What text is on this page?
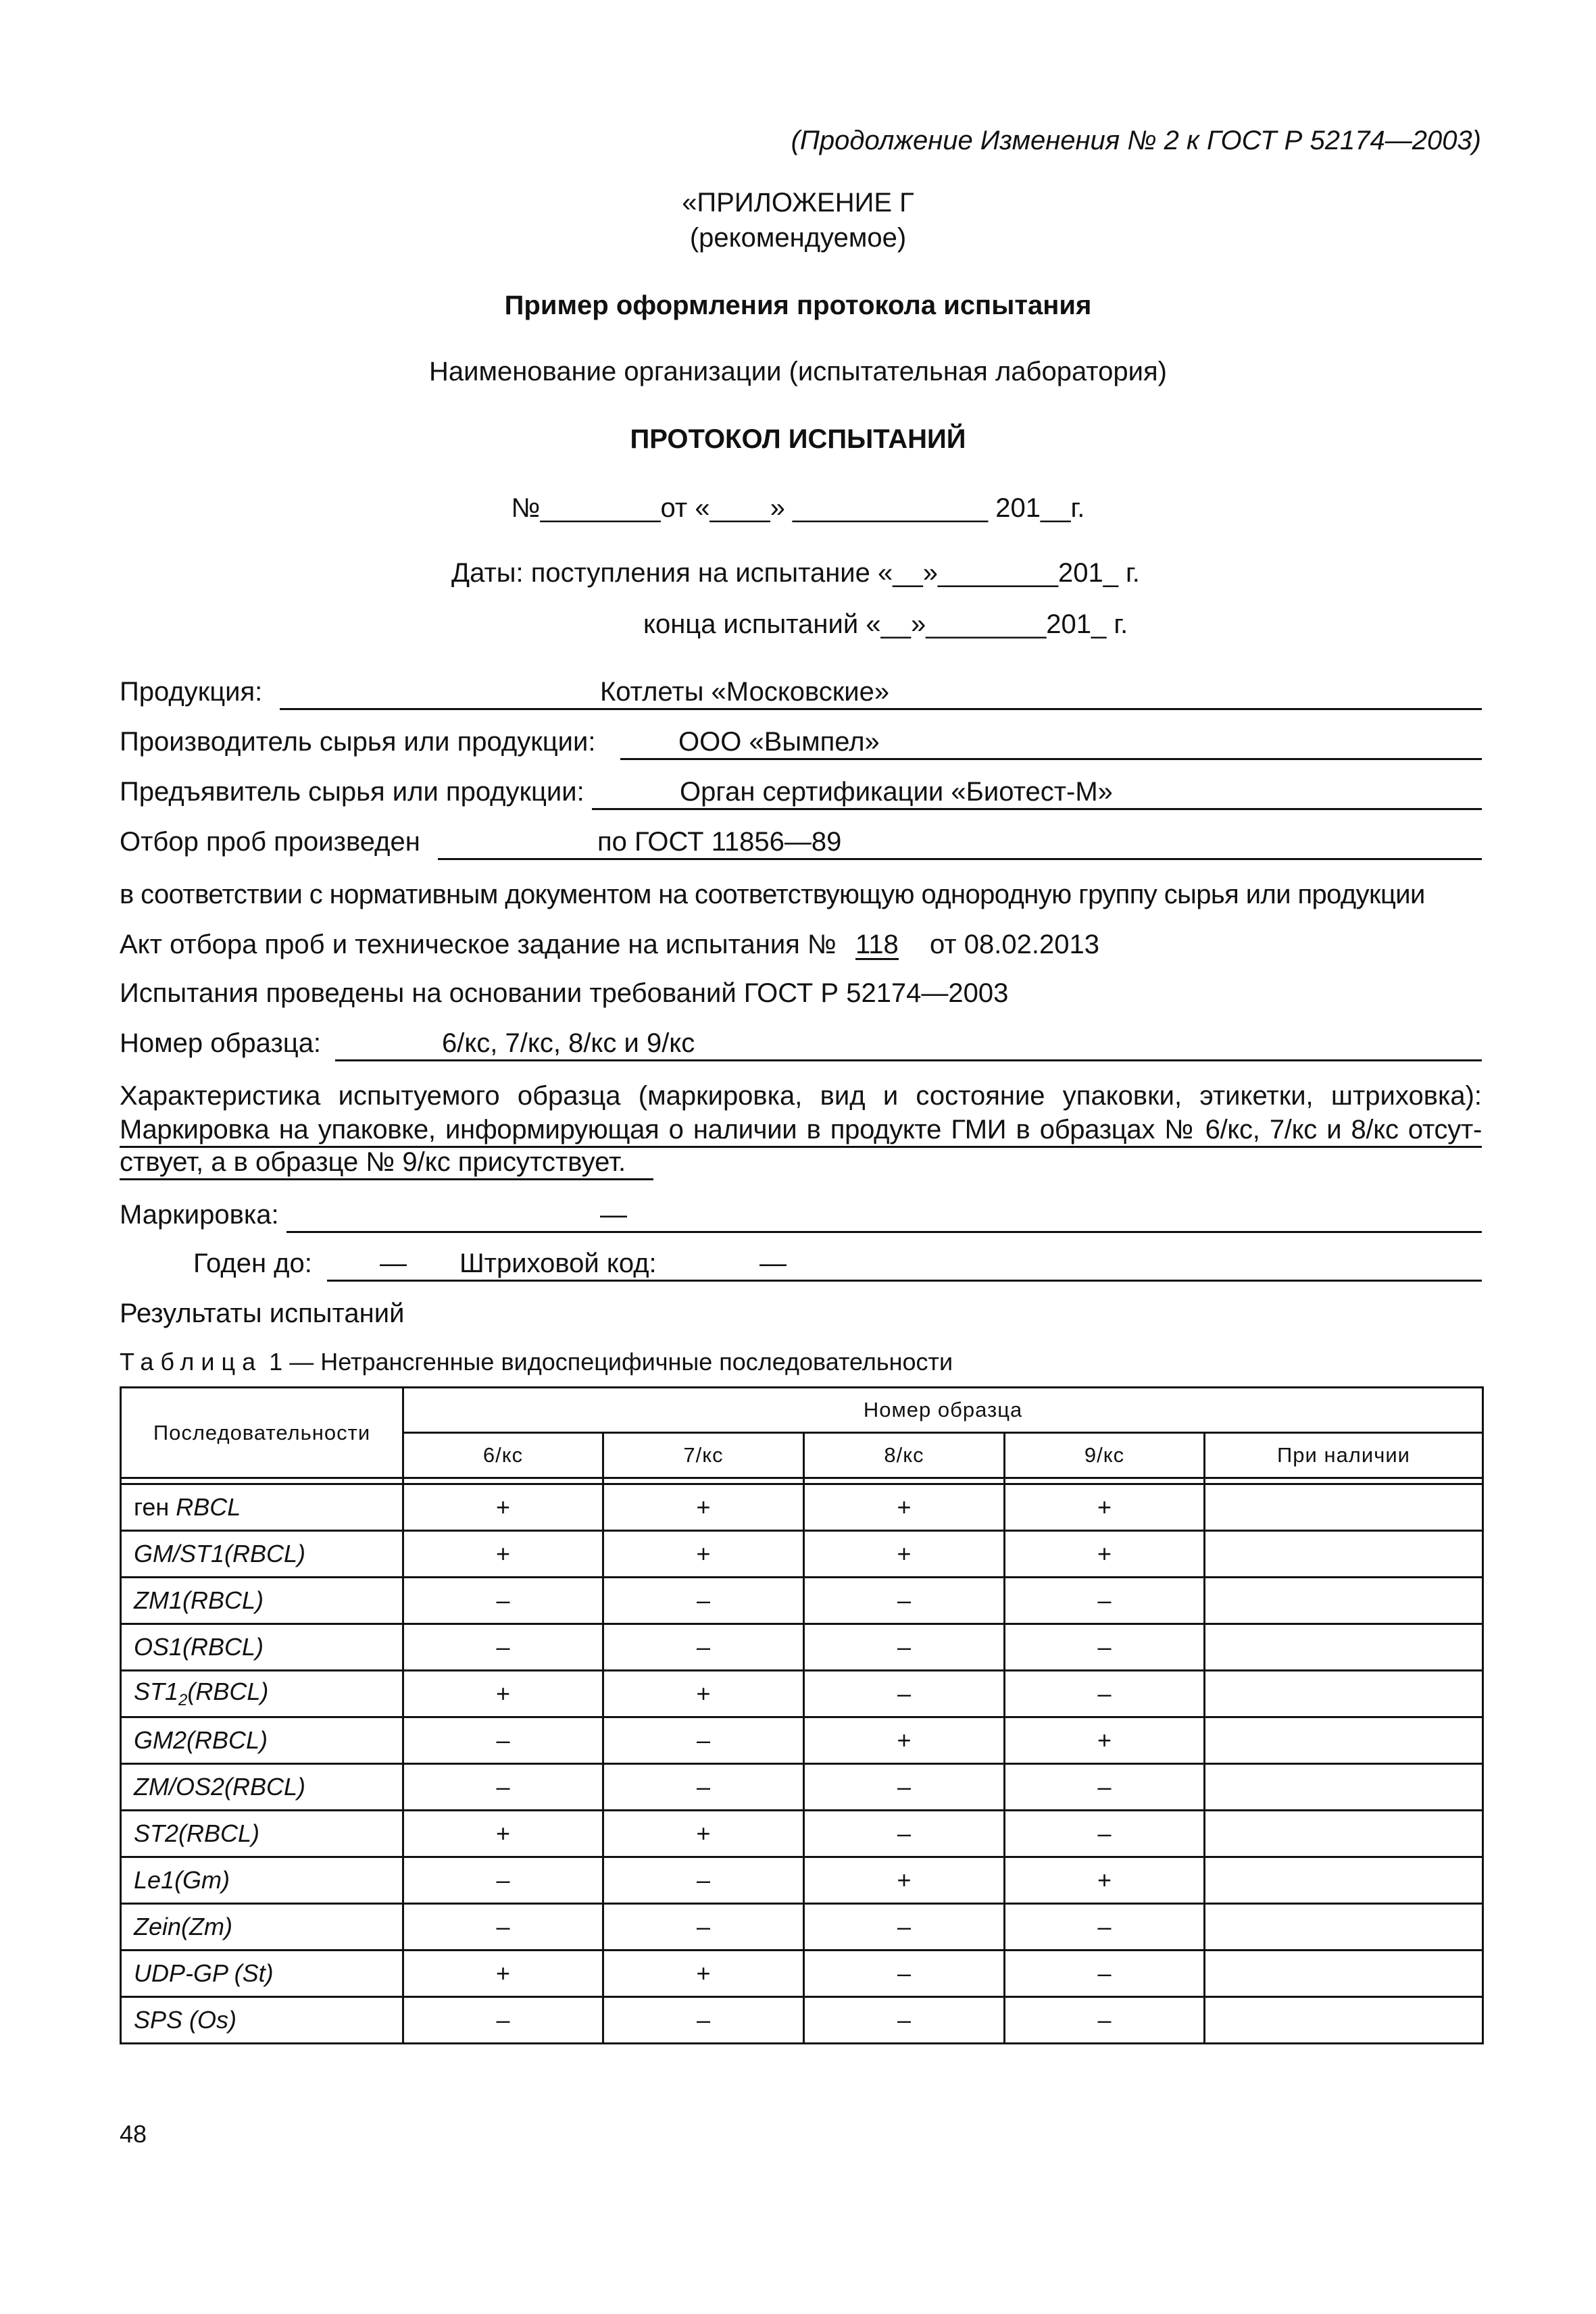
(Продолжение Изменения № 2 к ГОСТ Р 52174—2003)
«ПРИЛОЖЕНИЕ Г
(рекомендуемое)
Пример оформления протокола испытания
Наименование организации (испытательная лаборатория)
ПРОТОКОЛ ИСПЫТАНИЙ
№________от «____» _____________ 201__г.
Даты: поступления на испытание «__»________201_ г.
конца испытаний «__»________201_ г.
Продукция:	Котлеты «Московские»
Производитель сырья или продукции:	ООО «Вымпел»
Предъявитель сырья или продукции:	Орган сертификации «Биотест-М»
Отбор проб произведен	по ГОСТ 11856—89
в соответствии с нормативным документом на соответствующую однородную группу сырья или продукции
Акт отбора проб и техническое задание на испытания № 118 от 08.02.2013
Испытания проведены на основании требований ГОСТ Р 52174—2003
Номер образца:	6/кс, 7/кс, 8/кс и 9/кс
Характеристика испытуемого образца (маркировка, вид и состояние упаковки, этикетки, штриховка):
Маркировка на упаковке, информирующая о наличии в продукте ГМИ в образцах № 6/кс, 7/кс и 8/кс отсут-
ствует, а в образце № 9/кс присутствует.
Маркировка:	—
Годен до:	— Штриховой код:	—
Результаты испытаний
Таблица 1 — Нетрансгенные видоспецифичные последовательности
Последовательности	Номер образца				
	6/кс	7/кс	8/кс	9/кс	При наличии

ген RBCL	+	+	+	+	
GM/ST1(RBCL)	+	+	+	+	
ZM1(RBCL)	–	–	–	–	
OS1(RBCL)	–	–	–	–	
$ST1_2(RBCL)$	+	+	–	–	
GM2(RBCL)	–	–	+	+	
ZM/OS2(RBCL)	–	–	–	–	
ST2(RBCL)	+	+	–	–	
Le1(Gm)	–	–	+	+	
Zein(Zm)	–	–	–	–	
UDP-GP (St)	+	+	–	–	
SPS (Os)	–	–	–	–	
48
